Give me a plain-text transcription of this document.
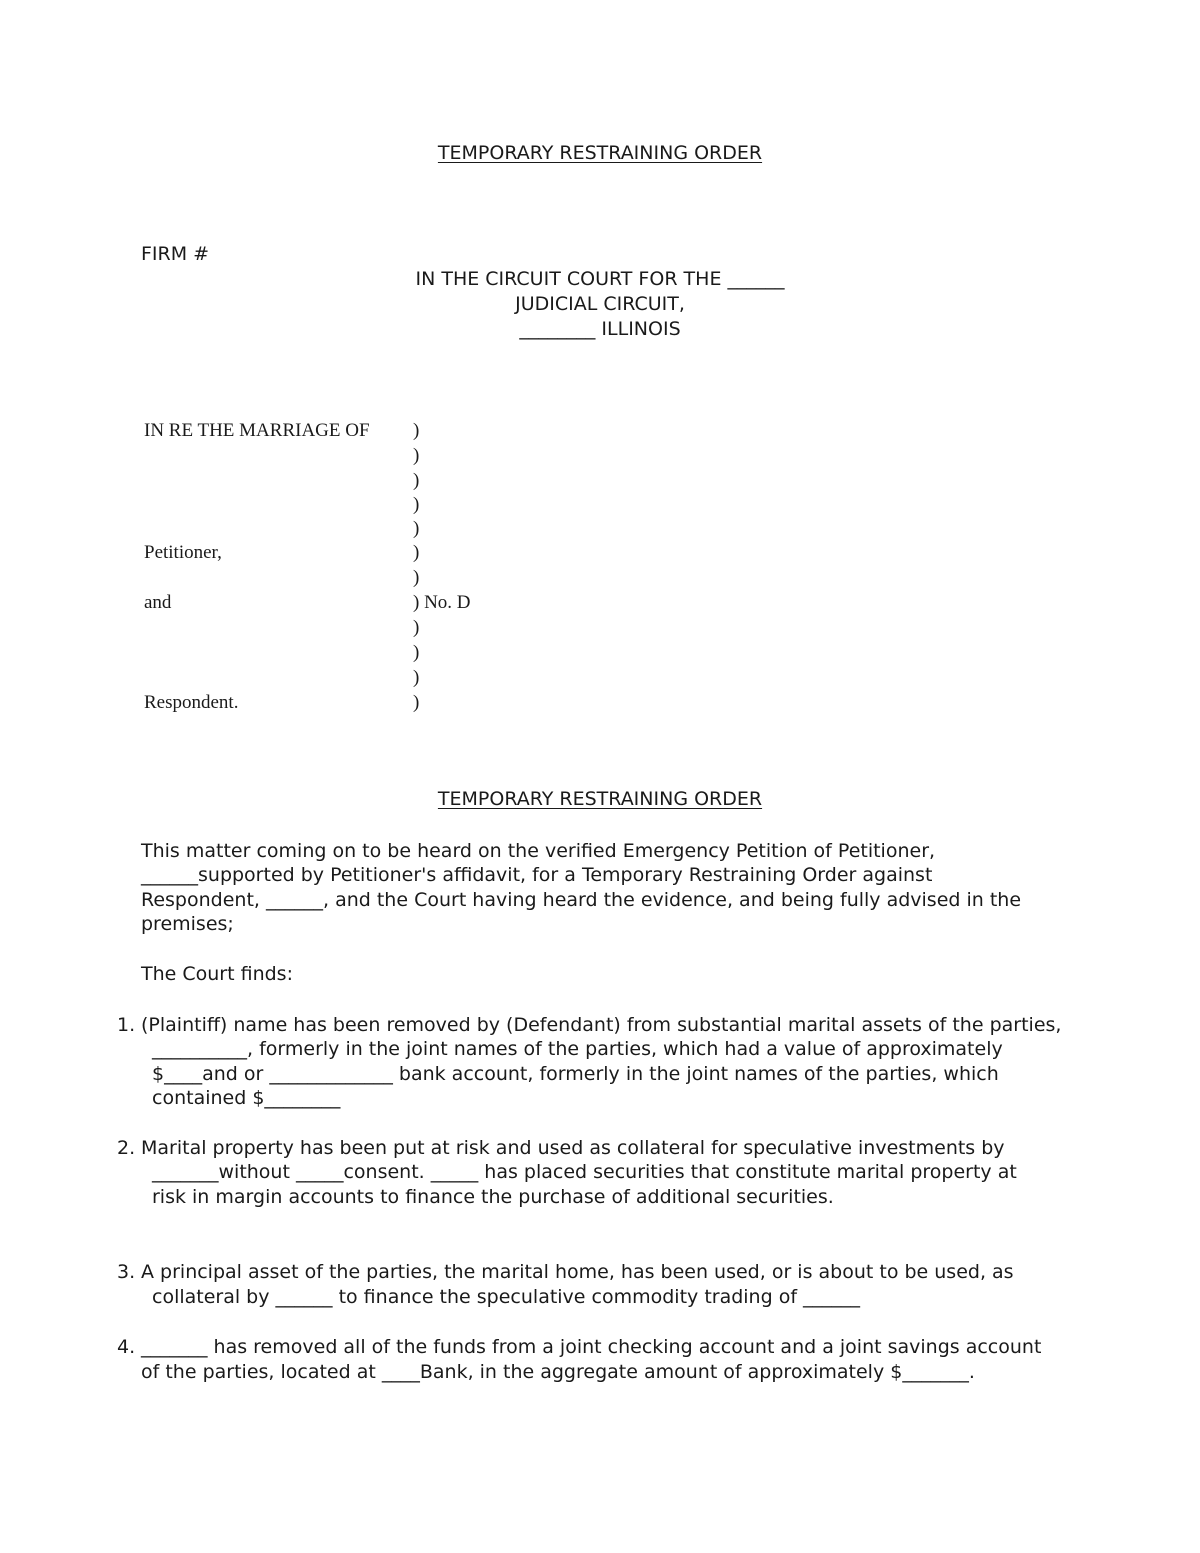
TEMPORARY RESTRAINING ORDER
FIRM #
IN THE CIRCUIT COURT FOR THE ______
JUDICIAL CIRCUIT,
________ ILLINOIS
IN RE THE MARRIAGE OF
Petitioner,
and
Respondent.
)
)
)
)
)
)
)
) No. D
)
)
)
)
TEMPORARY RESTRAINING ORDER
This matter coming on to be heard on the verified Emergency Petition of Petitioner,
______supported by Petitioner's affidavit, for a Temporary Restraining Order against
Respondent, ______, and the Court having heard the evidence, and being fully advised in the
premises;
The Court finds:
1. (Plaintiff) name has been removed by (Defendant) from substantial marital assets of the parties,
__________, formerly in the joint names of the parties, which had a value of approximately
$____and or _____________ bank account, formerly in the joint names of the parties, which
contained $________
2. Marital property has been put at risk and used as collateral for speculative investments by
_______without _____consent. _____ has placed securities that constitute marital property at
risk in margin accounts to finance the purchase of additional securities.
3. A principal asset of the parties, the marital home, has been used, or is about to be used, as
collateral by ______ to finance the speculative commodity trading of ______
4. _______ has removed all of the funds from a joint checking account and a joint savings account
of the parties, located at ____Bank, in the aggregate amount of approximately $_______.
